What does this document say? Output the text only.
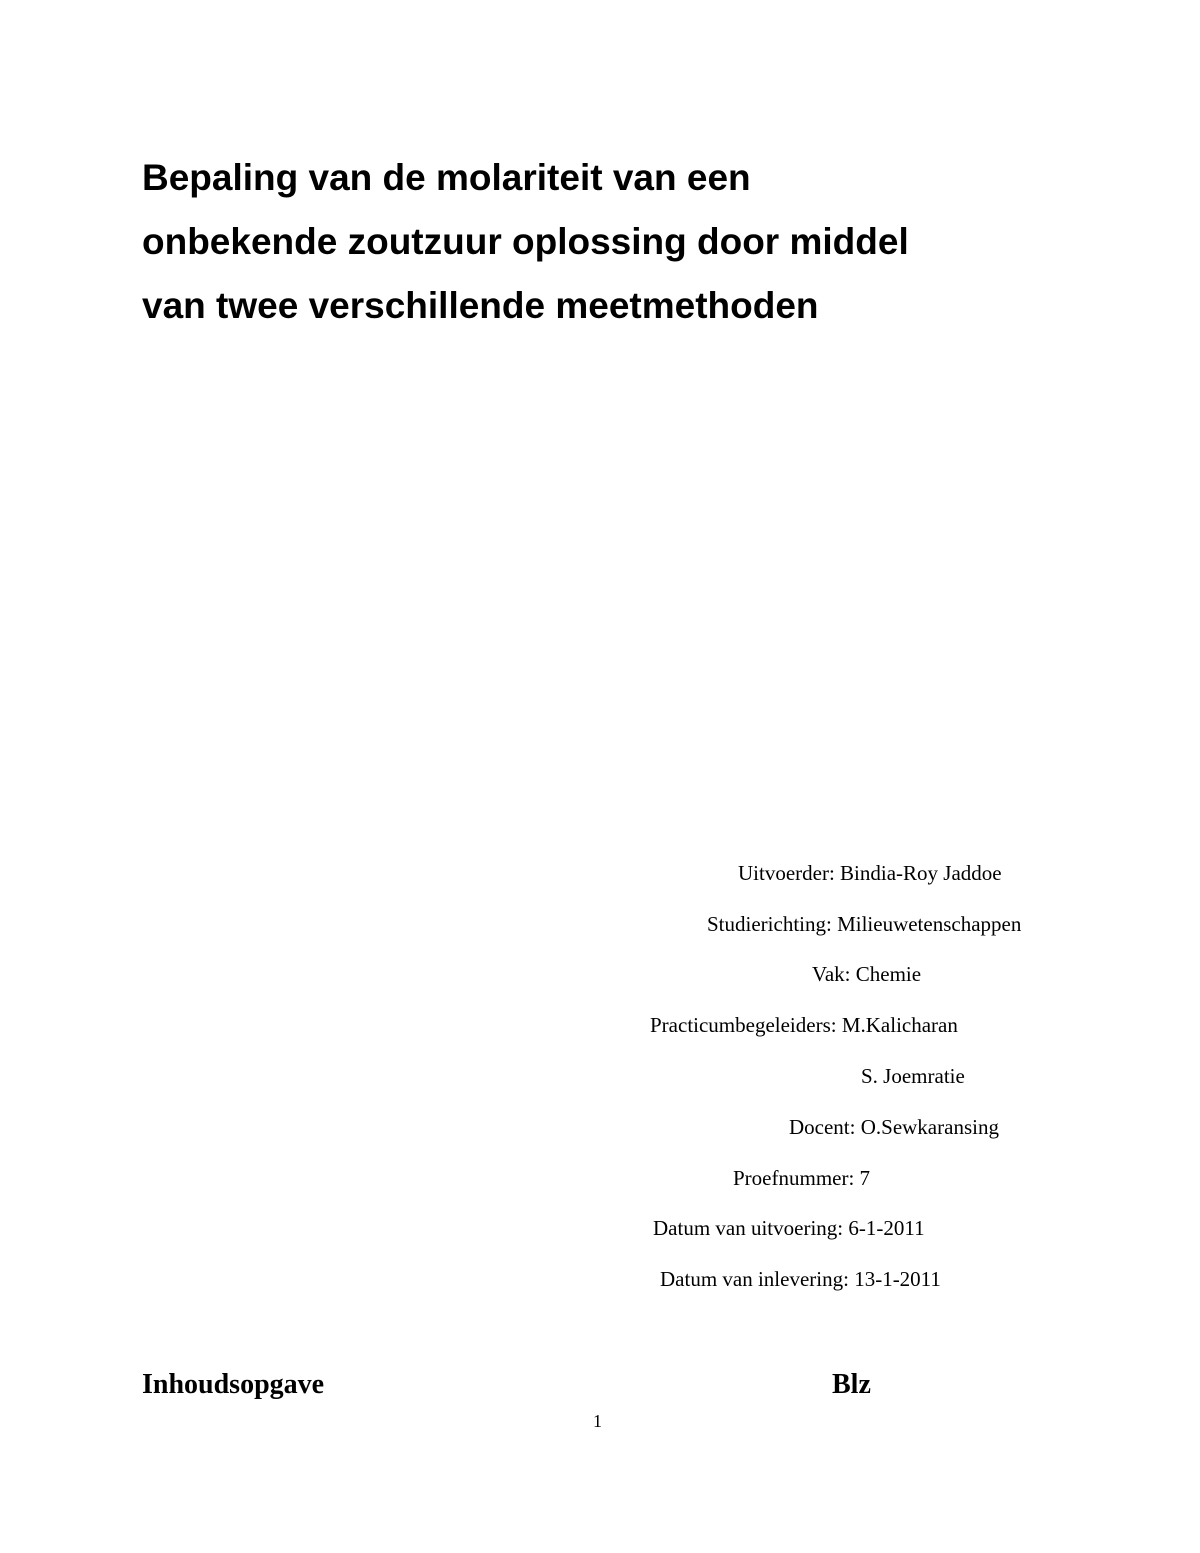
Bepaling van de molariteit van een
onbekende zoutzuur oplossing door middel
van twee verschillende meetmethoden
Uitvoerder: Bindia-Roy Jaddoe
Studierichting: Milieuwetenschappen
Vak: Chemie
Practicumbegeleiders: M.Kalicharan
S. Joemratie
Docent: O.Sewkaransing
Proefnummer: 7
Datum van uitvoering: 6-1-2011
Datum van inlevering: 13-1-2011
Inhoudsopgave	Blz
1
